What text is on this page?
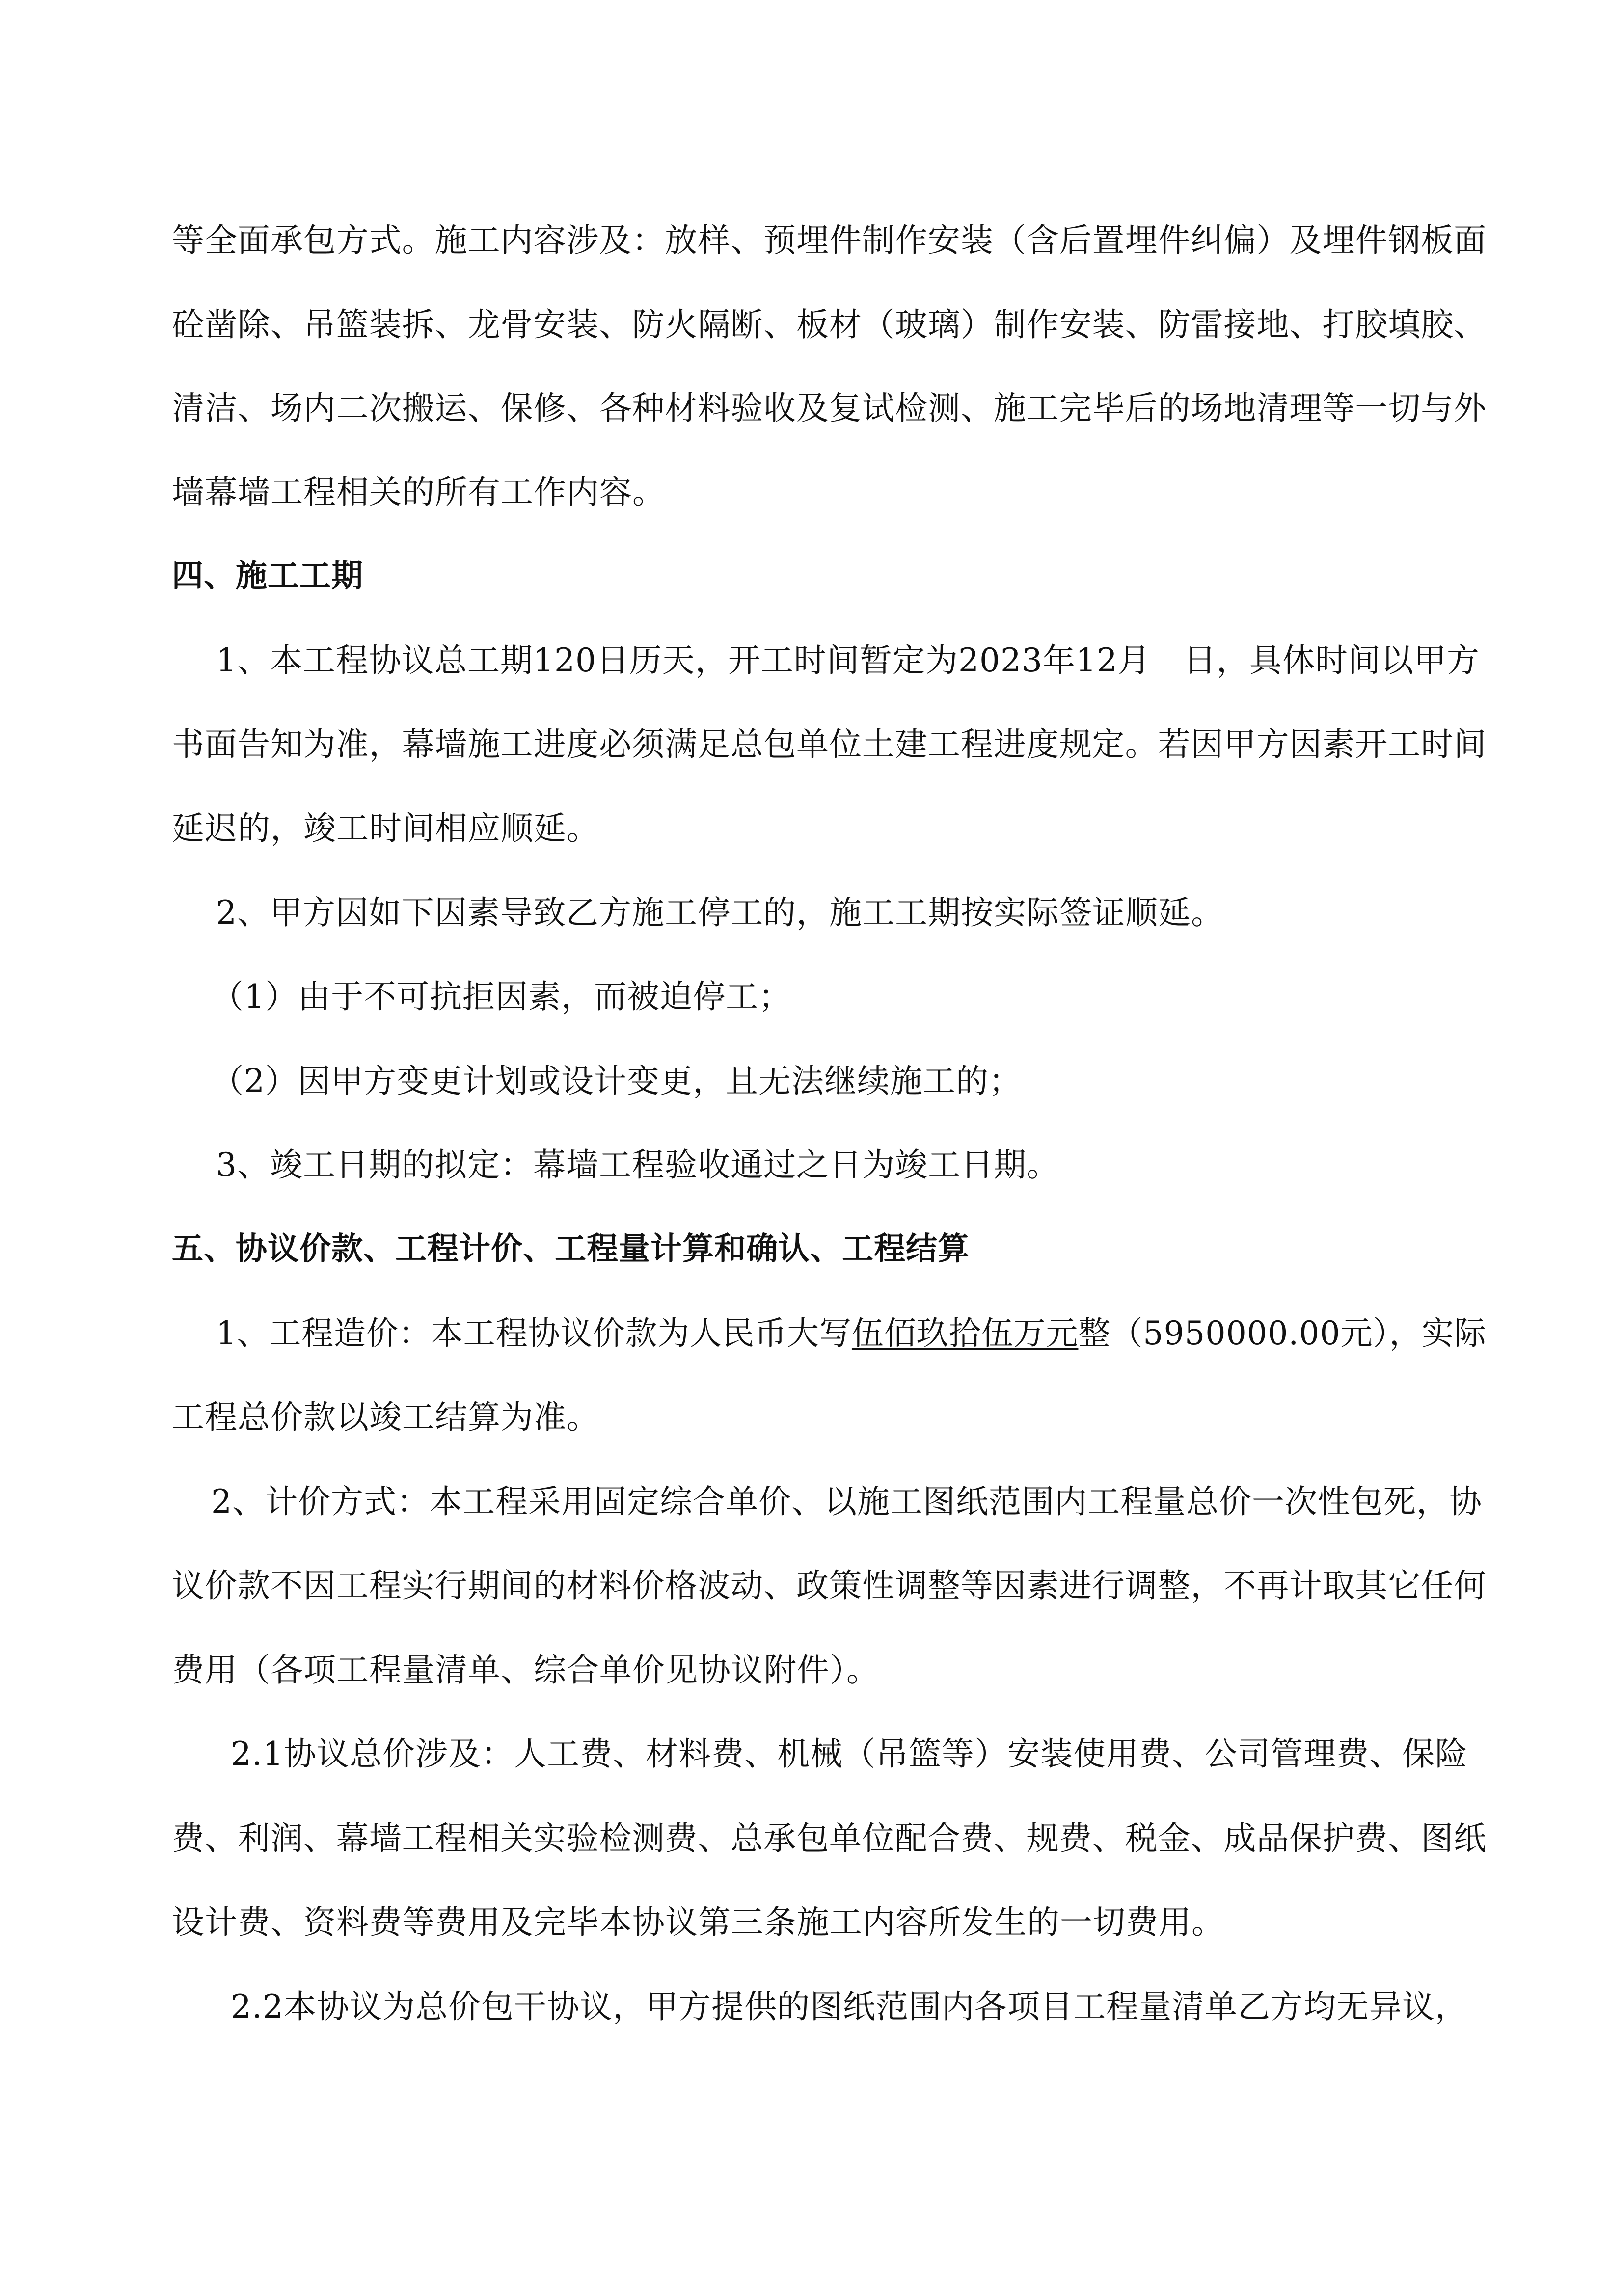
等全面承包方式。施工内容涉及：放样、预埋件制作安装（含后置埋件纠偏）及埋件钢板面
砼凿除、吊篮装拆、龙骨安装、防火隔断、板材（玻璃）制作安装、防雷接地、打胶填胶、
清洁、场内二次搬运、保修、各种材料验收及复试检测、施工完毕后的场地清理等一切与外
墙幕墙工程相关的所有工作内容。
四、施工工期
1、本工程协议总工期120日历天，开工时间暂定为2023年12月　日，具体时间以甲方
书面告知为准，幕墙施工进度必须满足总包单位土建工程进度规定。若因甲方因素开工时间
延迟的，竣工时间相应顺延。
2、甲方因如下因素导致乙方施工停工的，施工工期按实际签证顺延。
（1）由于不可抗拒因素，而被迫停工；
（2）因甲方变更计划或设计变更，且无法继续施工的；
3、竣工日期的拟定：幕墙工程验收通过之日为竣工日期。
五、协议价款、工程计价、工程量计算和确认、工程结算
1、工程造价：本工程协议价款为人民币大写伍佰玖拾伍万元整（5950000.00元），实际
工程总价款以竣工结算为准。
2、计价方式：本工程采用固定综合单价、以施工图纸范围内工程量总价一次性包死，协
议价款不因工程实行期间的材料价格波动、政策性调整等因素进行调整，不再计取其它任何
费用（各项工程量清单、综合单价见协议附件）。
2.1协议总价涉及：人工费、材料费、机械（吊篮等）安装使用费、公司管理费、保险
费、利润、幕墙工程相关实验检测费、总承包单位配合费、规费、税金、成品保护费、图纸
设计费、资料费等费用及完毕本协议第三条施工内容所发生的一切费用。
2.2本协议为总价包干协议，甲方提供的图纸范围内各项目工程量清单乙方均无异议，
